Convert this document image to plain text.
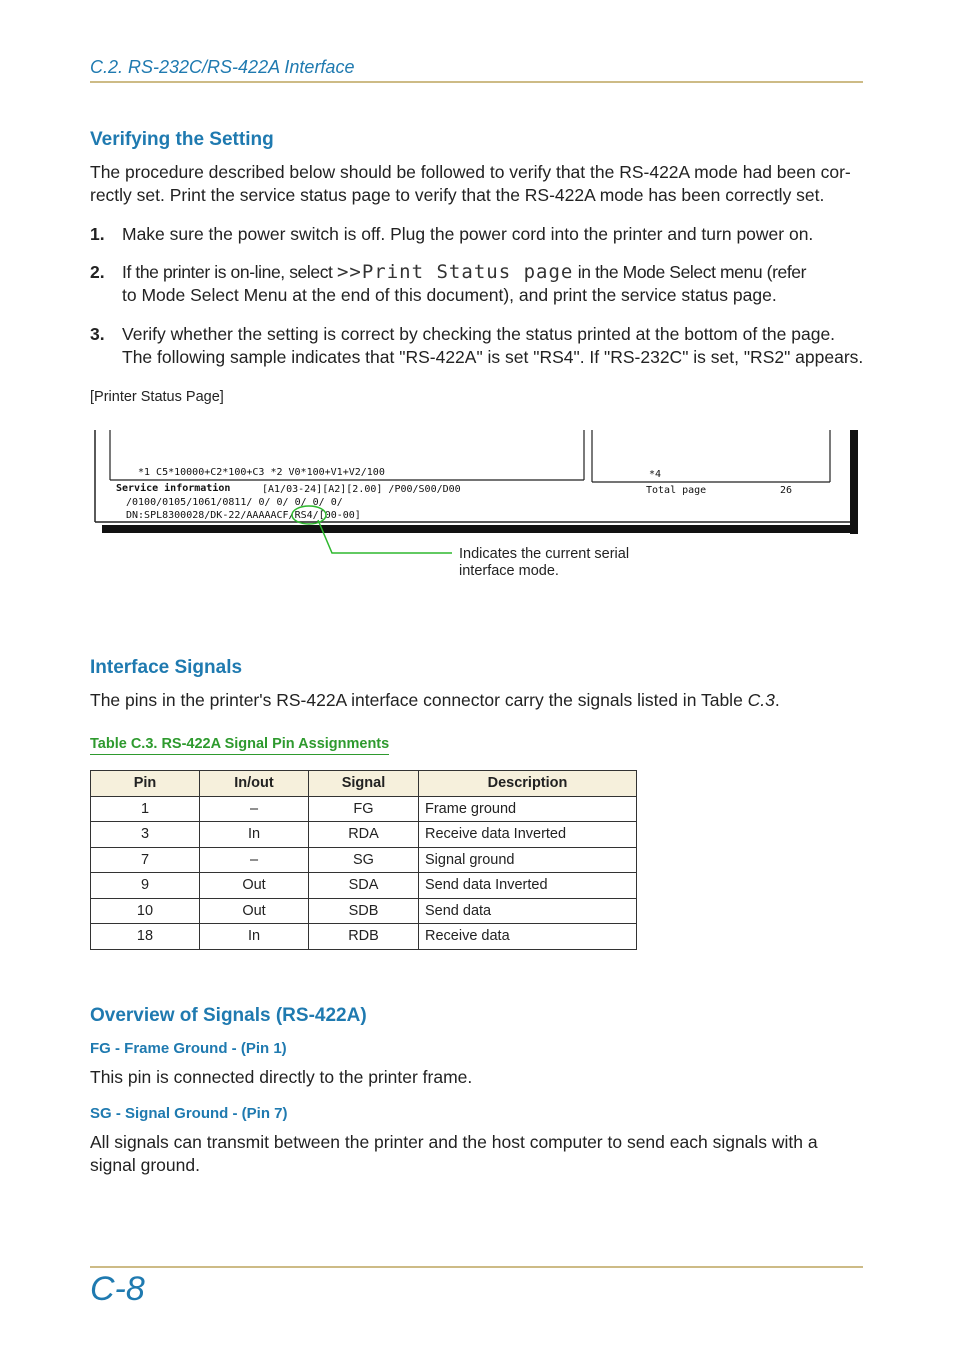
C.2. RS-232C/RS-422A Interface
Verifying the Setting
The procedure described below should be followed to verify that the RS-422A mode had been cor-
rectly set. Print the service status page to verify that the RS-422A mode has been correctly set.
1. Make sure the power switch is off. Plug the power cord into the printer and turn power on.
2. If the printer is on-line, select >>Print Status page in the Mode Select menu (refer
to Mode Select Menu at the end of this document), and print the service status page.
3. Verify whether the setting is correct by checking the status printed at the bottom of the page.
The following sample indicates that "RS-422A" is set "RS4". If "RS-232C" is set, "RS2" appears.
[Printer Status Page]
*1 C5*10000+C2*100+C3 *2 V0*100+V1+V2/100
Service information	[A1/03-24][A2][2.00] /P00/S00/D00
/0100/0105/1061/0811/ 0/ 0/ 0/ 0/ 0/
DN:SPL8300028/DK-22/AAAAACF/RS4/[00-00]
*4
Total page	26
Indicates the current serial
interface mode.
Interface Signals
The pins in the printer's RS-422A interface connector carry the signals listed in Table C.3.
Table C.3. RS-422A Signal Pin Assignments
Pin	In/out	Signal	Description
1	–	FG	Frame ground
3	In	RDA	Receive data Inverted
7	–	SG	Signal ground
9	Out	SDA	Send data Inverted
10	Out	SDB	Send data
18	In	RDB	Receive data
Overview of Signals (RS-422A)
FG - Frame Ground - (Pin 1)
This pin is connected directly to the printer frame.
SG - Signal Ground - (Pin 7)
All signals can transmit between the printer and the host computer to send each signals with a
signal ground.
C-8
